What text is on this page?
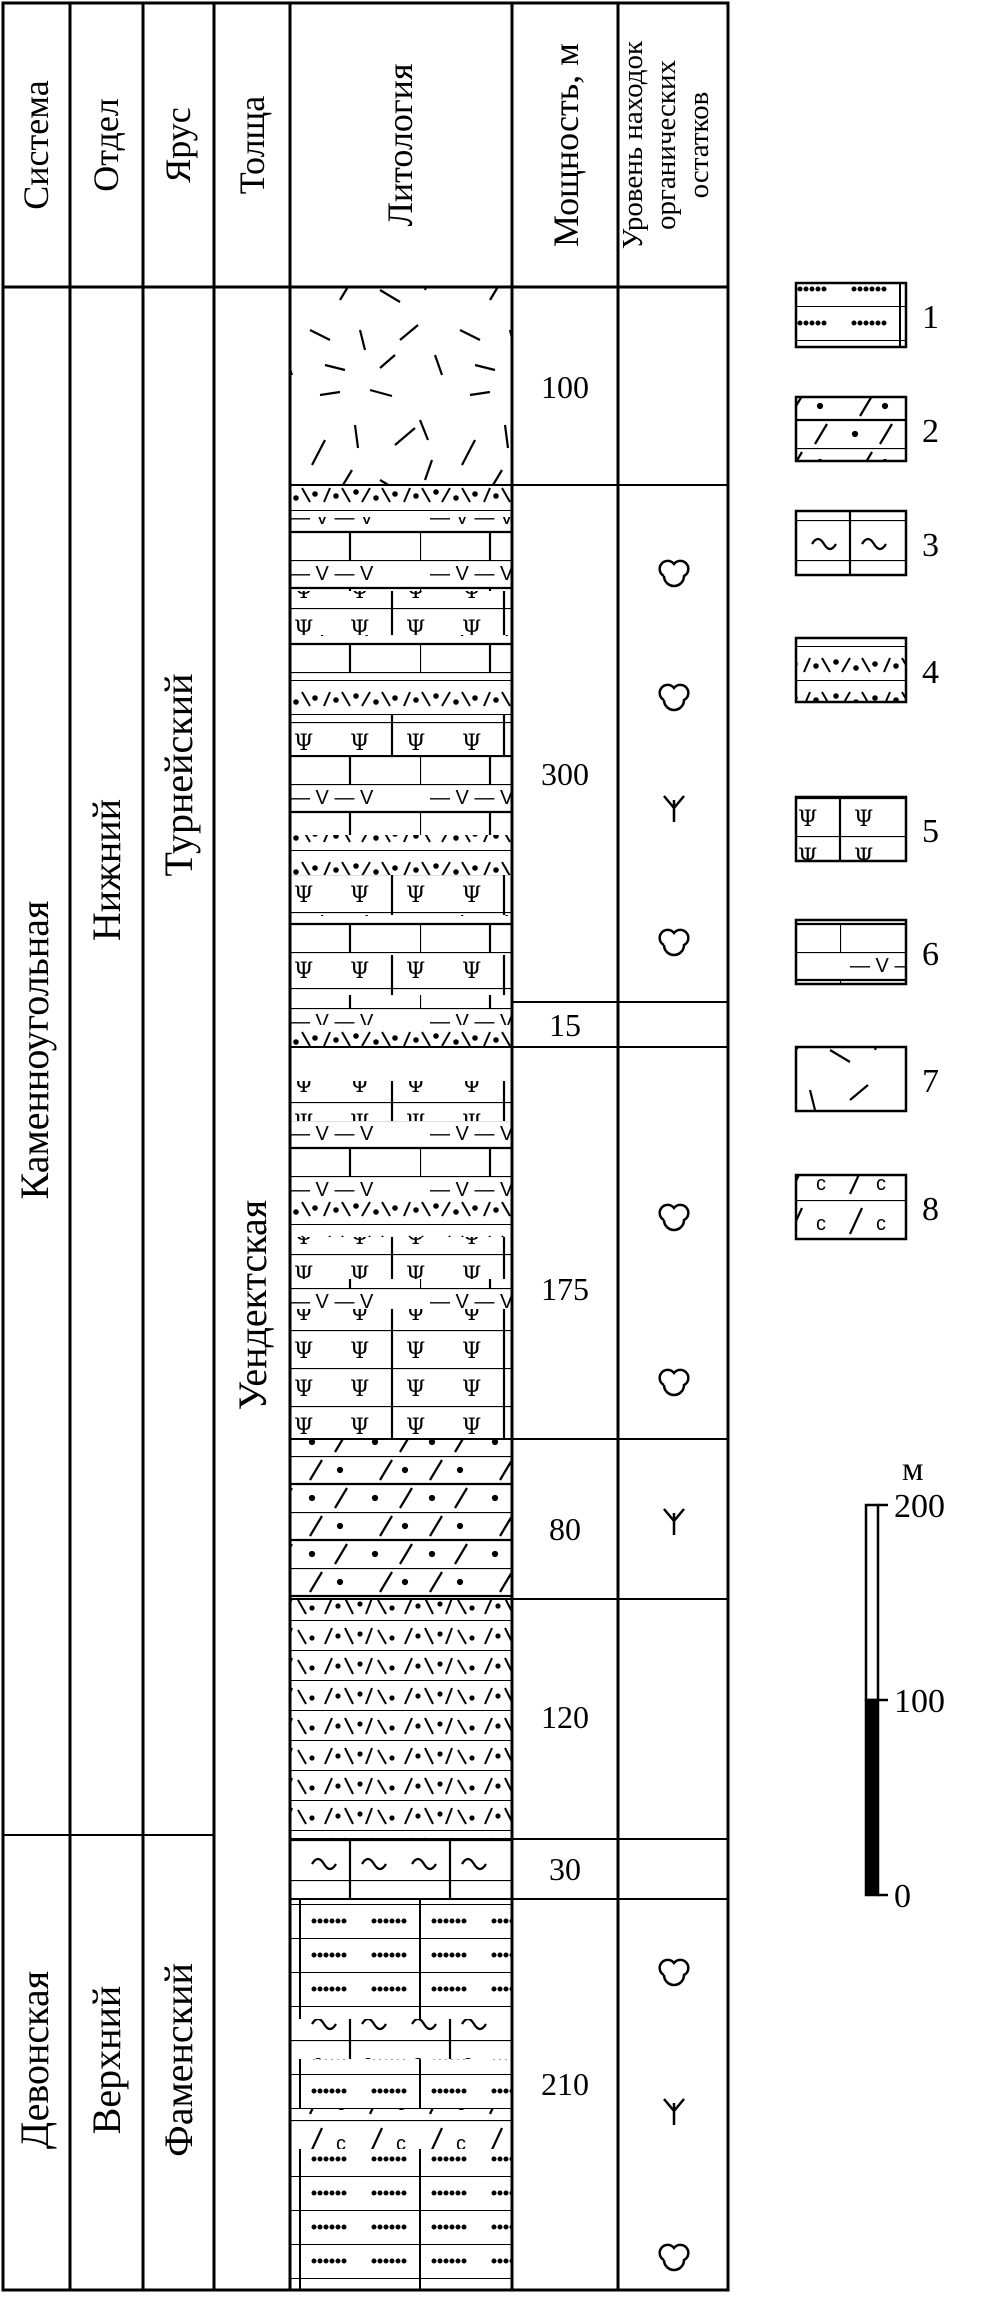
Система Отдел Ярус Толща	Литология	Мощность, м Уровень находок органических остатков
Каменноугольная
Нижний Турнейский
Уендектская
Девонская Верхний Фаменский
100
300
15
175
80
120
30
210
1
2
3
4
5
6
7
8
м
200
100
0
